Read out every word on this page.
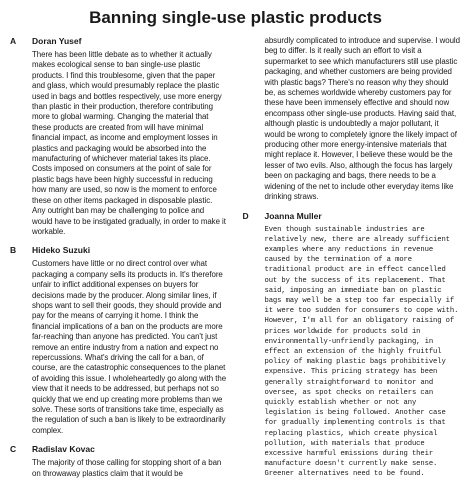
Banning single-use plastic products
A	Doran Yusef

There has been little debate as to whether it actually makes ecological sense to ban single-use plastic products. I find this troublesome, given that the paper and glass, which would presumably replace the plastic used in bags and bottles respectively, use more energy than plastic in their production, therefore contributing more to global warming. Changing the material that these products are created from will have minimal financial impact, as income and employment losses in plastics and packaging would be absorbed into the manufacturing of whichever material takes its place. Costs imposed on consumers at the point of sale for plastic bags have been highly successful in reducing how many are used, so now is the moment to enforce these on other items packaged in disposable plastic. Any outright ban may be challenging to police and would have to be instigated gradually, in order to make it workable.

B	Hideko Suzuki

Customers have little or no direct control over what packaging a company sells its products in. It's therefore unfair to inflict additional expenses on buyers for decisions made by the producer. Along similar lines, if shops want to sell their goods, they should provide and pay for the means of carrying it home. I think the financial implications of a ban on the products are more far-reaching than anyone has predicted. You can't just remove an entire industry from a nation and expect no repercussions. What's driving the call for a ban, of course, are the catastrophic consequences to the planet of avoiding this issue. I wholeheartedly go along with the view that it needs to be addressed, but perhaps not so quickly that we end up creating more problems than we solve. These sorts of transitions take time, especially as the regulation of such a ban is likely to be extraordinarily complex.

C	Radislav Kovac

The majority of those calling for stopping short of a ban on throwaway plastics claim that it would be

absurdly complicated to introduce and supervise. I would beg to differ. Is it really such an effort to visit a supermarket to see which manufacturers still use plastic packaging, and whether customers are being provided with plastic bags? There's no reason why they should be, as schemes worldwide whereby customers pay for these have been immensely effective and should now encompass other single-use products. Having said that, although plastic is undoubtedly a major pollutant, it would be wrong to completely ignore the likely impact of producing other more energy-intensive materials that might replace it. However, I believe these would be the lesser of two evils. Also, although the focus has largely been on packaging and bags, there needs to be a widening of the net to include other everyday items like drinking straws.

D	Joanna Muller

Even though sustainable industries are relatively new, there are already sufficient examples where any reductions in revenue caused by the termination of a more traditional product are in effect cancelled out by the success of its replacement. That said, imposing an immediate ban on plastic bags may well be a step too far especially if it were too sudden for consumers to cope with. However, I'm all for an obligatory raising of prices worldwide for products sold in environmentally-unfriendly packaging, in effect an extension of the highly fruitful policy of making plastic bags prohibitively expensive. This pricing strategy has been generally straightforward to monitor and oversee, as spot checks on retailers can quickly establish whether or not any legislation is being followed. Another case for gradually implementing controls is that replacing plastics, which create physical pollution, with materials that produce excessive harmful emissions during their manufacture doesn't currently make sense. Greener alternatives need to be found.
